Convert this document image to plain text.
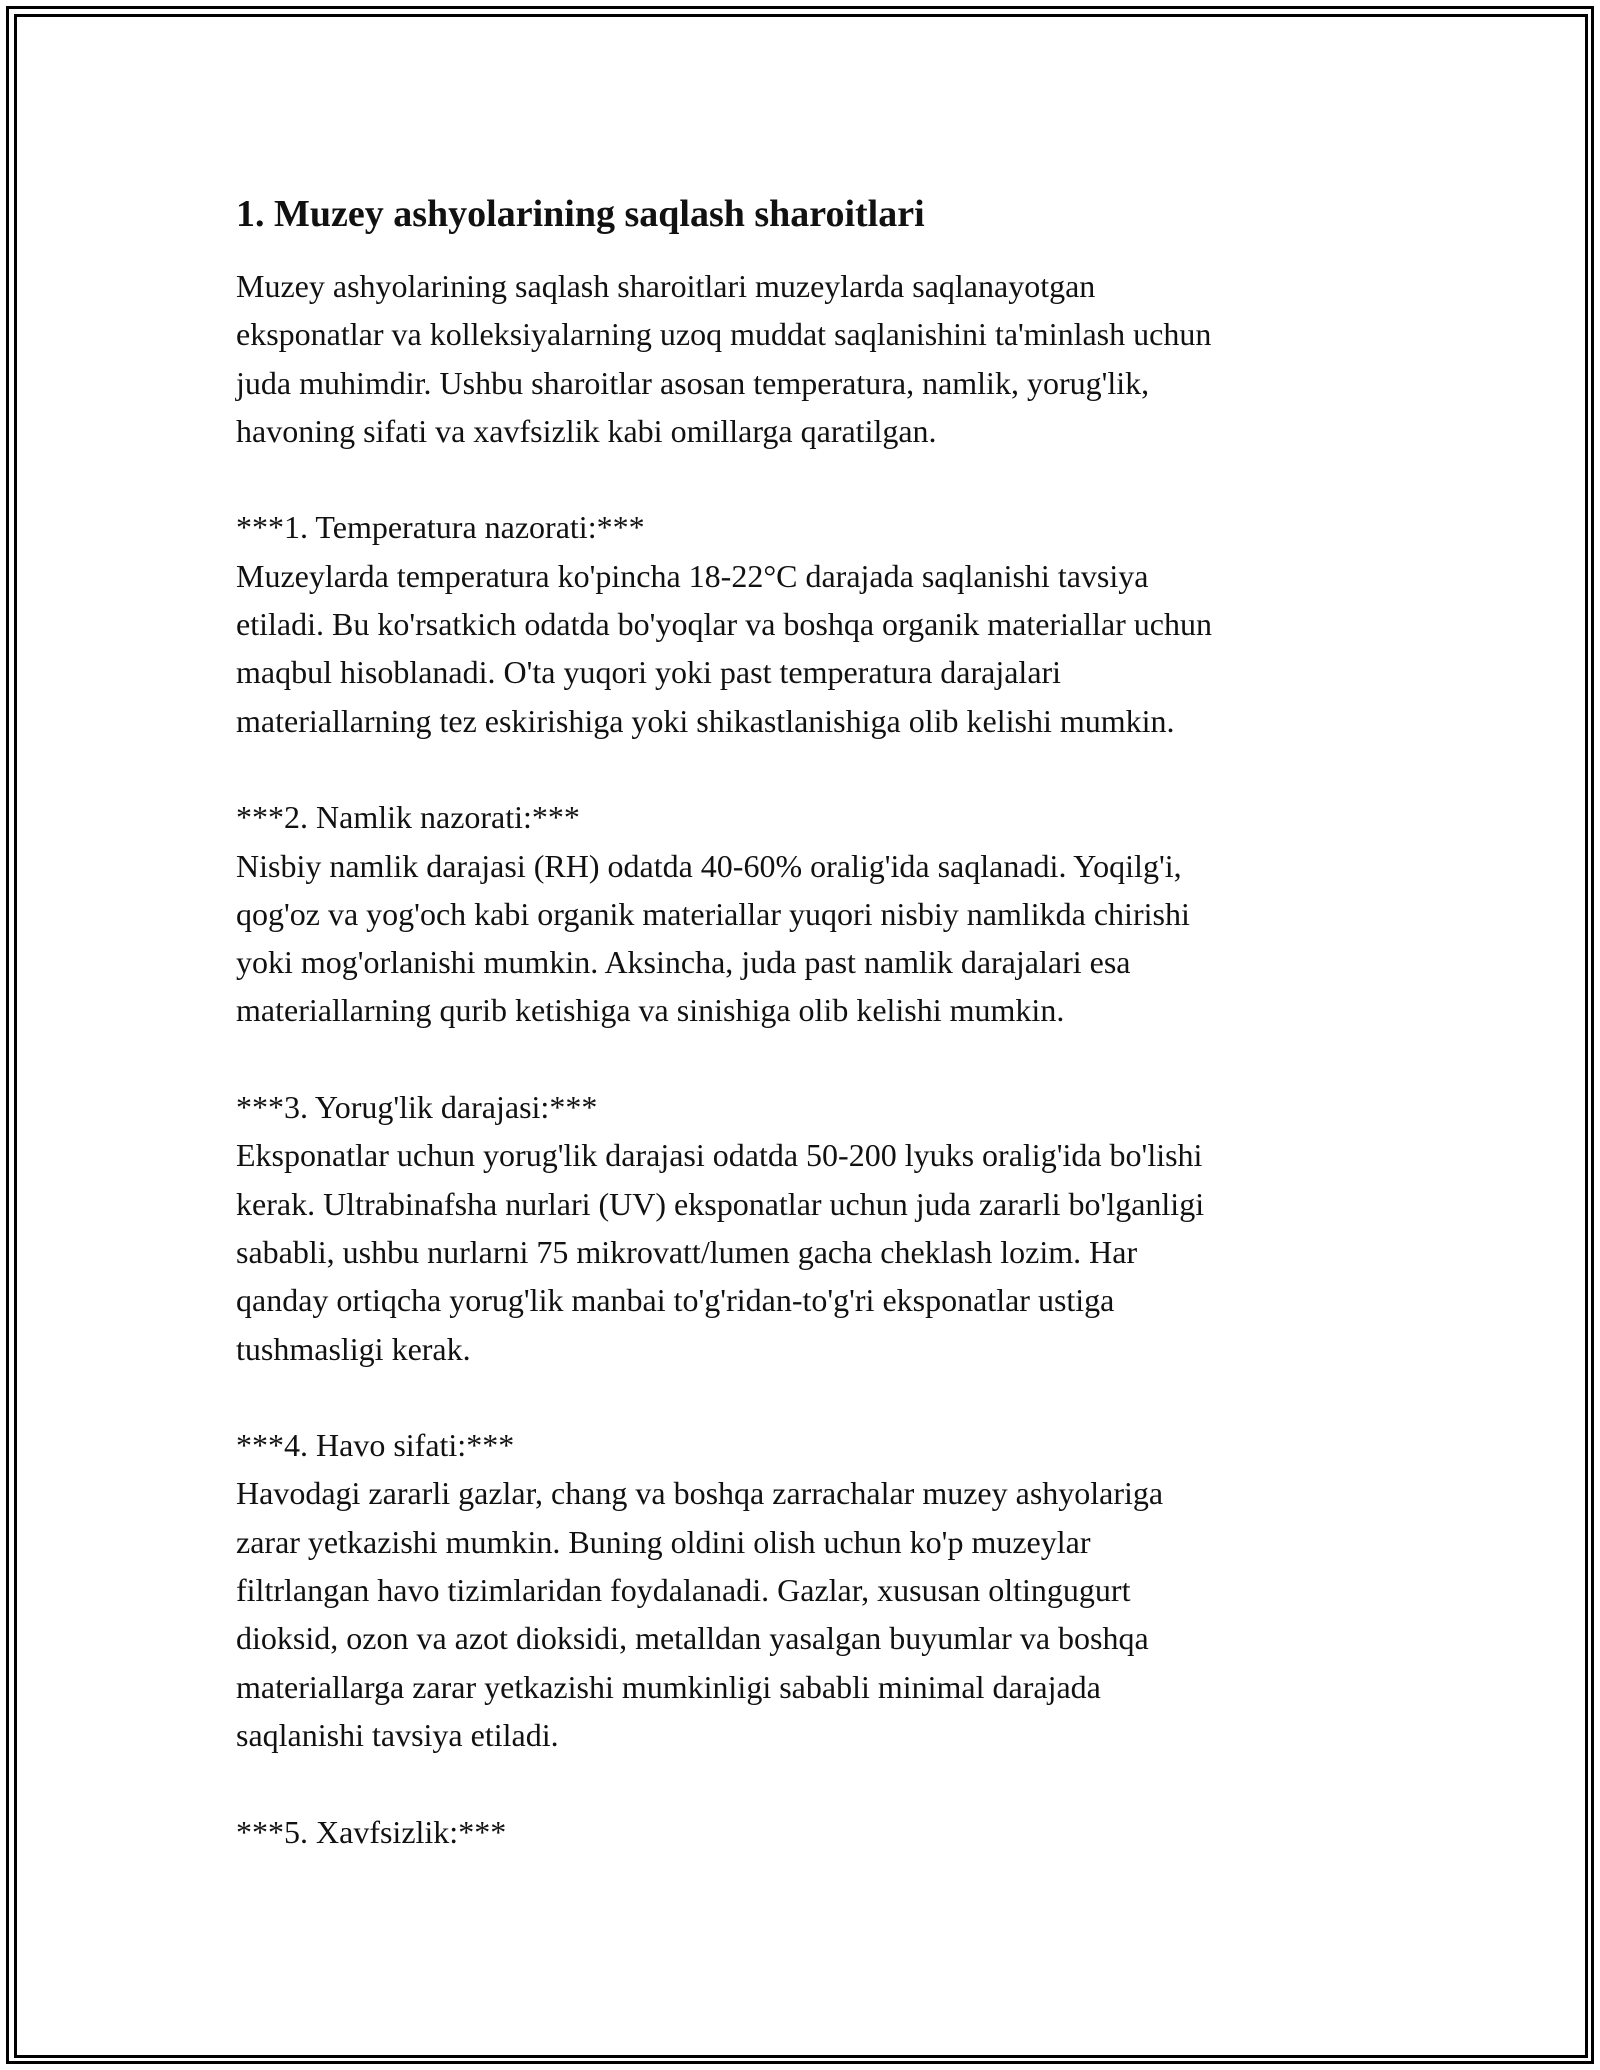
1. Muzey ashyolarining saqlash sharoitlari

Muzey ashyolarining saqlash sharoitlari muzeylarda saqlanayotgan
eksponatlar va kolleksiyalarning uzoq muddat saqlanishini ta'minlash uchun
juda muhimdir. Ushbu sharoitlar asosan temperatura, namlik, yorug'lik,
havoning sifati va xavfsizlik kabi omillarga qaratilgan.

***1. Temperatura nazorati:***

Muzeylarda temperatura ko'pincha 18-22°C darajada saqlanishi tavsiya
etiladi. Bu ko'rsatkich odatda bo'yoqlar va boshqa organik materiallar uchun
maqbul hisoblanadi. O'ta yuqori yoki past temperatura darajalari
materiallarning tez eskirishiga yoki shikastlanishiga olib kelishi mumkin.

***2. Namlik nazorati:***

Nisbiy namlik darajasi (RH) odatda 40-60% oralig'ida saqlanadi. Yoqilg'i,
qog'oz va yog'och kabi organik materiallar yuqori nisbiy namlikda chirishi
yoki mog'orlanishi mumkin. Aksincha, juda past namlik darajalari esa
materiallarning qurib ketishiga va sinishiga olib kelishi mumkin.

***3. Yorug'lik darajasi:***

Eksponatlar uchun yorug'lik darajasi odatda 50-200 lyuks oralig'ida bo'lishi
kerak. Ultrabinafsha nurlari (UV) eksponatlar uchun juda zararli bo'lganligi
sababli, ushbu nurlarni 75 mikrovatt/lumen gacha cheklash lozim. Har
qanday ortiqcha yorug'lik manbai to'g'ridan-to'g'ri eksponatlar ustiga
tushmasligi kerak.

***4. Havo sifati:***

Havodagi zararli gazlar, chang va boshqa zarrachalar muzey ashyolariga
zarar yetkazishi mumkin. Buning oldini olish uchun ko'p muzeylar
filtrlangan havo tizimlaridan foydalanadi. Gazlar, xususan oltingugurt
dioksid, ozon va azot dioksidi, metalldan yasalgan buyumlar va boshqa
materiallarga zarar yetkazishi mumkinligi sababli minimal darajada
saqlanishi tavsiya etiladi.

***5. Xavfsizlik:***
